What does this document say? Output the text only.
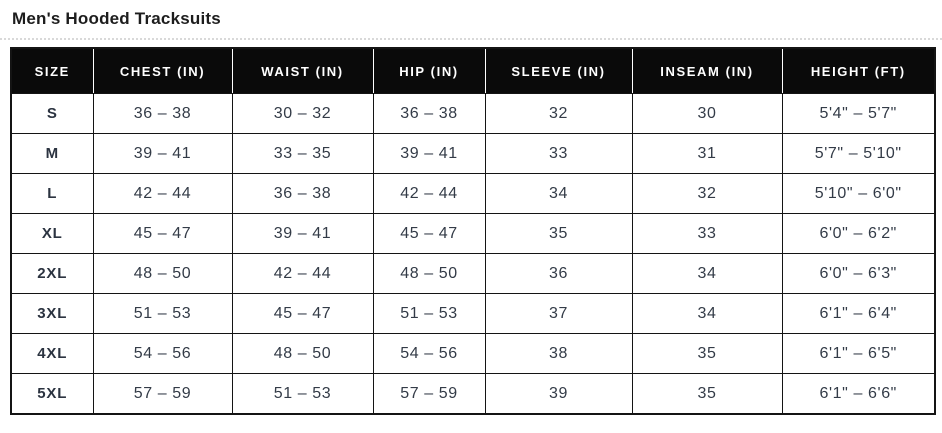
Men's Hooded Tracksuits
SIZE	CHEST (IN)	WAIST (IN)	HIP (IN)	SLEEVE (IN)	INSEAM (IN)	HEIGHT (FT)
S	36 – 38	30 – 32	36 – 38	32	30	5'4" – 5'7"
M	39 – 41	33 – 35	39 – 41	33	31	5'7" – 5'10"
L	42 – 44	36 – 38	42 – 44	34	32	5'10" – 6'0"
XL	45 – 47	39 – 41	45 – 47	35	33	6'0" – 6'2"
2XL	48 – 50	42 – 44	48 – 50	36	34	6'0" – 6'3"
3XL	51 – 53	45 – 47	51 – 53	37	34	6'1" – 6'4"
4XL	54 – 56	48 – 50	54 – 56	38	35	6'1" – 6'5"
5XL	57 – 59	51 – 53	57 – 59	39	35	6'1" – 6'6"
